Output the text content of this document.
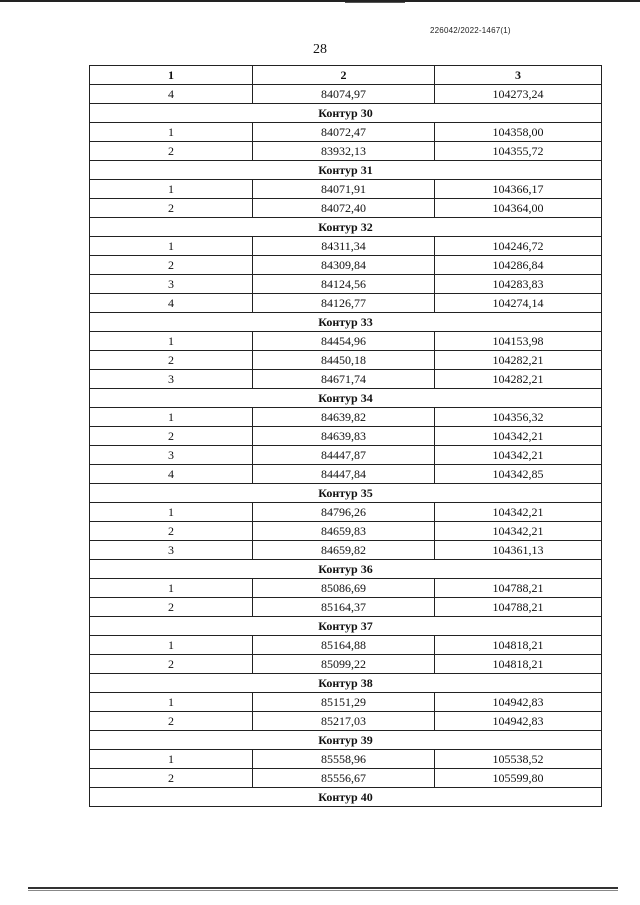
226042/2022-1467(1)
28
1	2	3
4	84074,97	104273,24
Контур 30		
1	84072,47	104358,00
2	83932,13	104355,72
Контур 31		
1	84071,91	104366,17
2	84072,40	104364,00
Контур 32		
1	84311,34	104246,72
2	84309,84	104286,84
3	84124,56	104283,83
4	84126,77	104274,14
Контур 33		
1	84454,96	104153,98
2	84450,18	104282,21
3	84671,74	104282,21
Контур 34		
1	84639,82	104356,32
2	84639,83	104342,21
3	84447,87	104342,21
4	84447,84	104342,85
Контур 35		
1	84796,26	104342,21
2	84659,83	104342,21
3	84659,82	104361,13
Контур 36		
1	85086,69	104788,21
2	85164,37	104788,21
Контур 37		
1	85164,88	104818,21
2	85099,22	104818,21
Контур 38		
1	85151,29	104942,83
2	85217,03	104942,83
Контур 39		
1	85558,96	105538,52
2	85556,67	105599,80
Контур 40		
